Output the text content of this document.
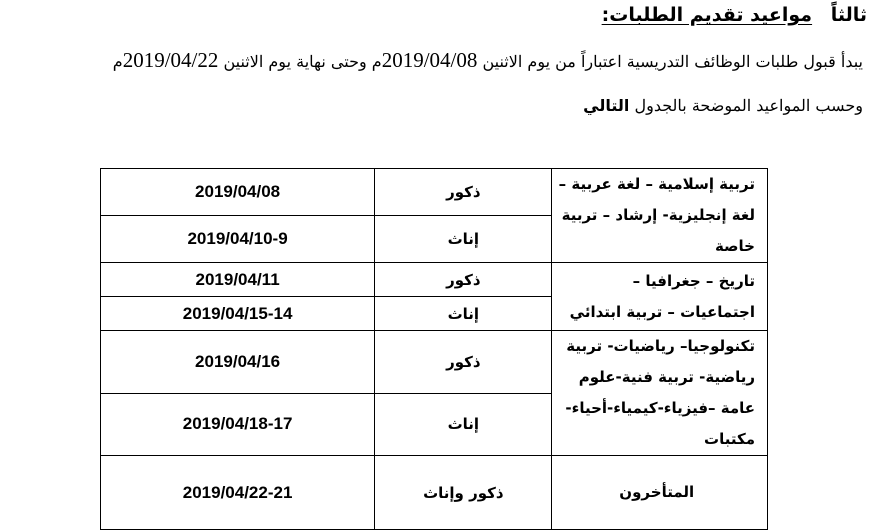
ثالثاً مواعيد تقديم الطلبات:
يبدأ قبول طلبات الوظائف التدريسية اعتباراً من يوم الاثنين 2019/04/08م وحتى نهاية يوم الاثنين 2019/04/22م
وحسب المواعيد الموضحة بالجدول التالي
تربية إسلامية – لغة عربية – لغة إنجليزية- إرشاد – تربية خاصة	ذكور	2019/04/08
	إناث	2019/04/10-9
تاريخ – جغرافيا – اجتماعيات – تربية ابتدائي	ذكور	2019/04/11
	إناث	2019/04/15-14
تكنولوجيا– رياضيات- تربية رياضية- تربية فنية-علوم عامة –فيزياء-كيمياء-أحياء-مكتبات	ذكور	2019/04/16
	إناث	2019/04/18-17
المتأخرون	ذكور وإناث	2019/04/22-21
